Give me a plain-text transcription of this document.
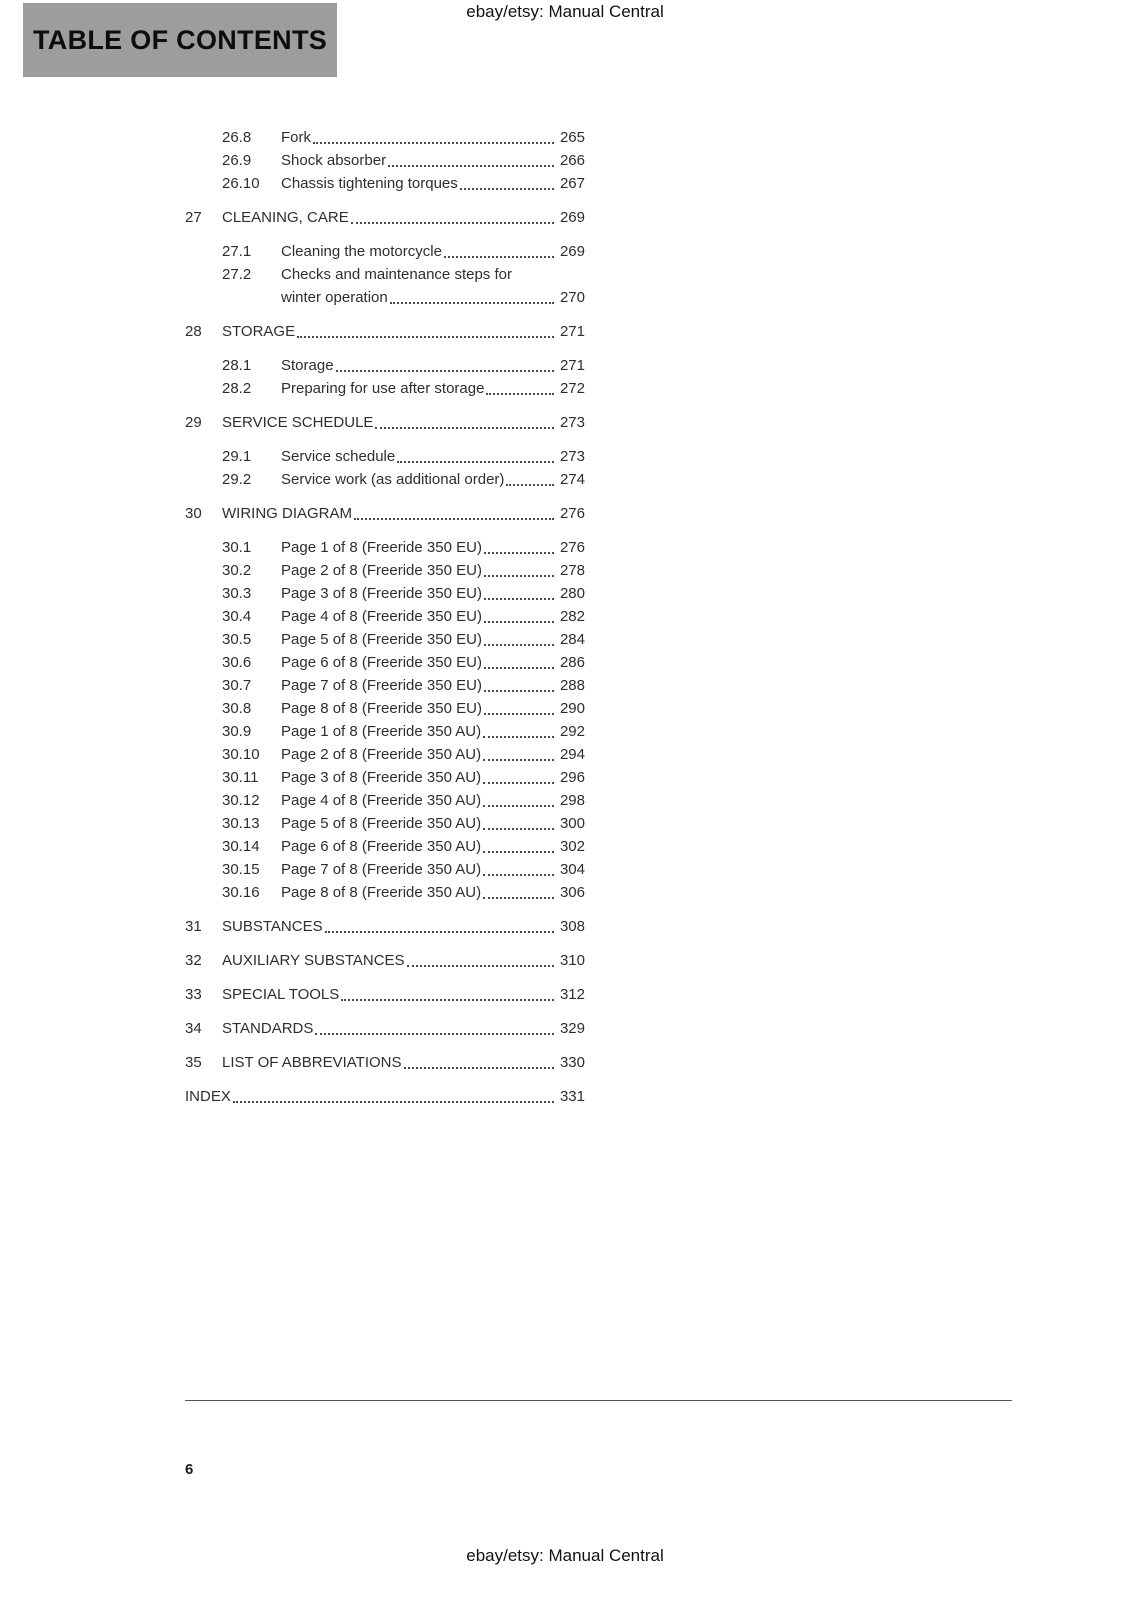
ebay/etsy: Manual Central
TABLE OF CONTENTS
26.8	Fork	265
26.9	Shock absorber	266
26.10	Chassis tightening torques	267
27	CLEANING, CARE	269
27.1	Cleaning the motorcycle	269
27.2	Checks and maintenance steps for
winter operation	270
28	STORAGE	271
28.1	Storage	271
28.2	Preparing for use after storage	272
29	SERVICE SCHEDULE	273
29.1	Service schedule	273
29.2	Service work (as additional order)	274
30	WIRING DIAGRAM	276
30.1	Page 1 of 8 (Freeride 350 EU)	276
30.2	Page 2 of 8 (Freeride 350 EU)	278
30.3	Page 3 of 8 (Freeride 350 EU)	280
30.4	Page 4 of 8 (Freeride 350 EU)	282
30.5	Page 5 of 8 (Freeride 350 EU)	284
30.6	Page 6 of 8 (Freeride 350 EU)	286
30.7	Page 7 of 8 (Freeride 350 EU)	288
30.8	Page 8 of 8 (Freeride 350 EU)	290
30.9	Page 1 of 8 (Freeride 350 AU)	292
30.10	Page 2 of 8 (Freeride 350 AU)	294
30.11	Page 3 of 8 (Freeride 350 AU)	296
30.12	Page 4 of 8 (Freeride 350 AU)	298
30.13	Page 5 of 8 (Freeride 350 AU)	300
30.14	Page 6 of 8 (Freeride 350 AU)	302
30.15	Page 7 of 8 (Freeride 350 AU)	304
30.16	Page 8 of 8 (Freeride 350 AU)	306
31	SUBSTANCES	308
32	AUXILIARY SUBSTANCES	310
33	SPECIAL TOOLS	312
34	STANDARDS	329
35	LIST OF ABBREVIATIONS	330
INDEX	331
6
ebay/etsy: Manual Central
